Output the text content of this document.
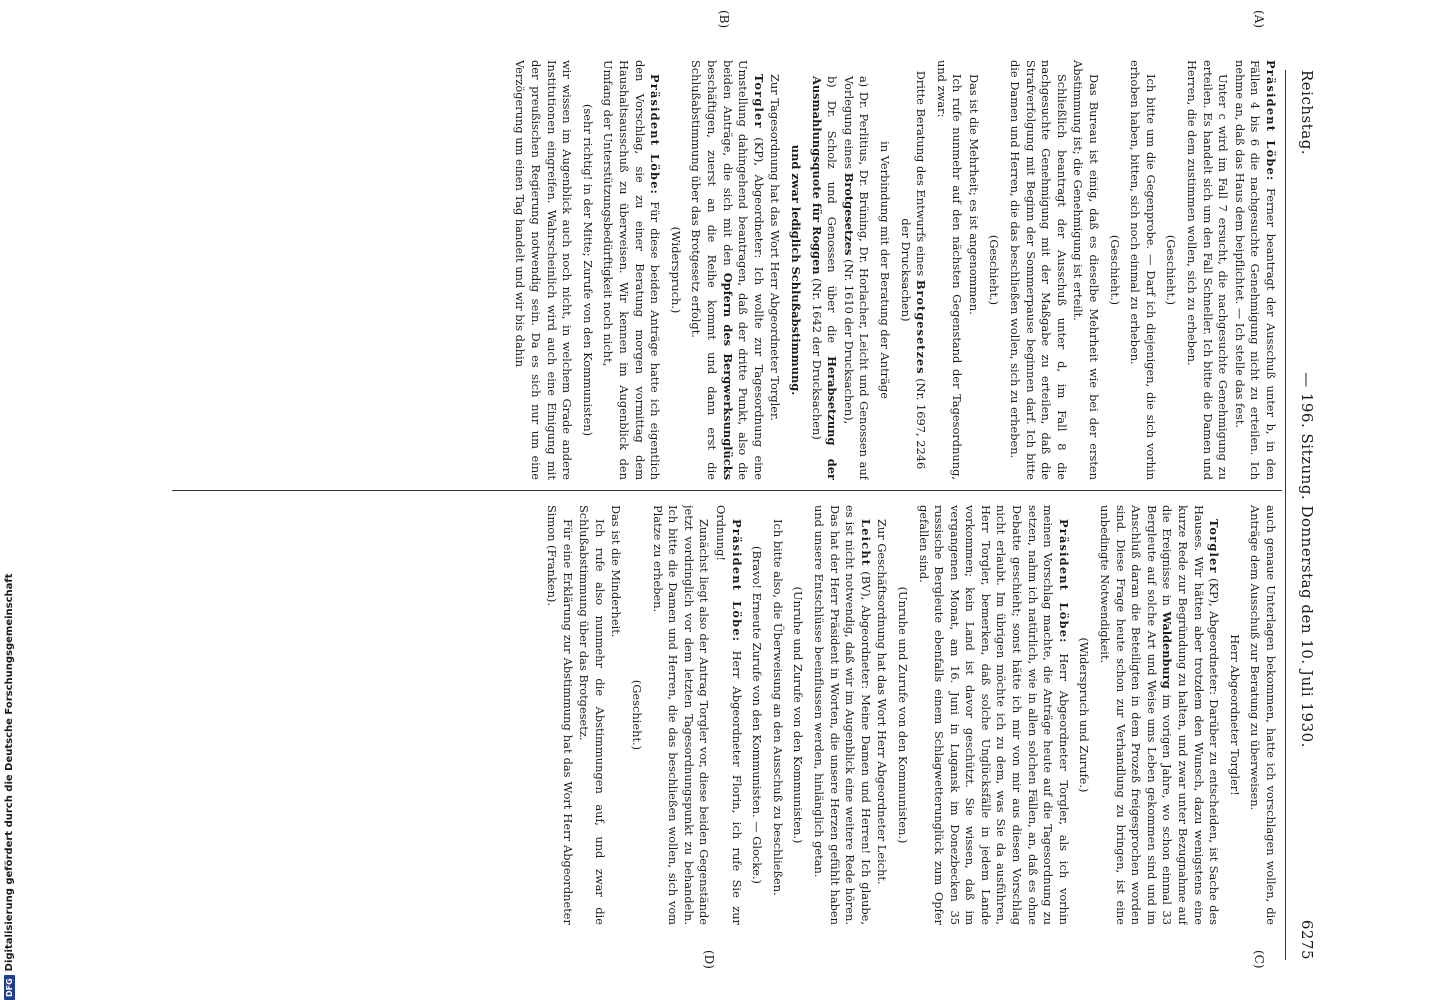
Reichstag.
— 196. Sitzung. Donnerstag den 10. Juli 1930.
6275
(A)
(B)
(C)
(D)

Präsident Löbe: Ferner beantragt der Ausschuß unter b, in den Fällen 4 bis 6 die nachgesuchte Genehmigung nicht zu erteilen. Ich nehme an, daß das Haus dem beipflichtet. — Ich stelle das fest.

Unter c wird im Fall 7 ersucht, die nachgesuchte Genehmigung zu erteilen. Es handelt sich um den Fall Schneller. Ich bitte die Damen und Herren, die dem zustimmen wollen, sich zu erheben.

(Geschieht.)

Ich bitte um die Gegenprobe. — Darf ich diejenigen, die sich vorhin erhoben haben, bitten, sich noch einmal zu erheben.

(Geschieht.)

Das Bureau ist einig, daß es dieselbe Mehrheit wie bei der ersten Abstimmung ist; die Genehmigung ist erteilt.

Schließlich beantragt der Ausschuß unter d, im Fall 8 die nachgesuchte Genehmigung mit der Maßgabe zu erteilen, daß die Strafverfolgung mit Beginn der Sommerpause beginnen darf. Ich bitte die Damen und Herren, die das beschließen wollen, sich zu erheben.

(Geschieht.)

Das ist die Mehrheit; es ist angenommen.

Ich rufe nunmehr auf den nächsten Gegenstand der Tagesordnung, und zwar:

Dritte Beratung des Entwurfs eines Brotgesetzes (Nr. 1697, 2246 der Drucksachen)

in Verbindung mit der Beratung der Anträge

a) Dr. Perlitius, Dr. Brüning, Dr. Horlacher, Leicht und Genossen auf Vorlegung eines Brotgesetzes (Nr. 1610 der Drucksachen),

b) Dr. Scholz und Genossen über die Herabsetzung der Ausmahlungsquote für Roggen (Nr. 1642 der Drucksachen)

und zwar lediglich Schlußabstimmung.

Zur Tagesordnung hat das Wort Herr Abgeordneter Torgler.

Torgler (KP), Abgeordneter: Ich wollte zur Tagesordnung eine Umstellung dahingehend beantragen, daß der dritte Punkt, also die beiden Anträge, die sich mit den Opfern des Bergwerksunglücks beschäftigen, zuerst an die Reihe kommt und dann erst die Schlußabstimmung über das Brotgesetz erfolgt.

(Widerspruch.)

Präsident Löbe: Für diese beiden Anträge hatte ich eigentlich den Vorschlag, sie zu einer Beratung morgen vormittag dem Haushaltsausschuß zu überweisen. Wir kennen im Augenblick den Umfang der Unterstützungsbedürftigkeit noch nicht,

(sehr richtig! in der Mitte; Zurufe von den Kommunisten)

wir wissen im Augenblick auch noch nicht, in welchem Grade andere Institutionen eingreifen. Wahrscheinlich wird auch eine Einigung mit der preußischen Regierung notwendig sein. Da es sich nur um eine Verzögerung um einen Tag handelt und wir bis dahin

auch genaue Unterlagen bekommen, hatte ich vorschlagen wollen, die Anträge dem Ausschuß zur Beratung zu überweisen.

Herr Abgeordneter Torgler!

Torgler (KP), Abgeordneter: Darüber zu entscheiden, ist Sache des Hauses. Wir hätten aber trotzdem den Wunsch, dazu wenigstens eine kurze Rede zur Begründung zu halten, und zwar unter Bezugnahme auf die Ereignisse in Waldenburg im vorigen Jahre, wo schon einmal 33 Bergleute auf solche Art und Weise ums Leben gekommen sind und im Anschluß daran die Beteiligten in dem Prozeß freigesprochen worden sind. Diese Frage heute schon zur Verhandlung zu bringen, ist eine unbedingte Notwendigkeit.

(Widerspruch und Zurufe.)

Präsident Löbe: Herr Abgeordneter Torgler, als ich vorhin meinen Vorschlag machte, die Anträge heute auf die Tagesordnung zu setzen, nahm ich natürlich, wie in allen solchen Fällen, an, daß es ohne Debatte geschieht; sonst hätte ich mir von mir aus diesen Vorschlag nicht erlaubt. Im übrigen möchte ich zu dem, was Sie da ausführen, Herr Torgler, bemerken, daß solche Unglücksfälle in jedem Lande vorkommen; kein Land ist davor geschützt. Sie wissen, daß im vergangenen Monat, am 16. Juni in Lugansk im Donezbecken 35 russische Bergleute ebenfalls einem Schlagwetterunglück zum Opfer gefallen sind.

(Unruhe und Zurufe von den Kommunisten.)

Zur Geschäftsordnung hat das Wort Herr Abgeordneter Leicht.

Leicht (BV), Abgeordneter: Meine Damen und Herren! Ich glaube, es ist nicht notwendig, daß wir im Augenblick eine weitere Rede hören. Das hat der Herr Präsident in Worten, die unsere Herzen gefühlt haben und unsere Entschlüsse beeinflussen werden, hinlänglich getan.

(Unruhe und Zurufe von den Kommunisten.)

Ich bitte also, die Überweisung an den Ausschuß zu beschließen.

(Bravo! Erneute Zurufe von den Kommunisten. — Glocke.)

Präsident Löbe: Herr Abgeordneter Florin, ich rufe Sie zur Ordnung!

Zunächst liegt also der Antrag Torgler vor, diese beiden Gegenstände jetzt vordringlich vor dem letzten Tagesordnungspunkt zu behandeln. Ich bitte die Damen und Herren, die das beschließen wollen, sich vom Platze zu erheben.

(Geschieht.)

Das ist die Minderheit.

Ich rufe also nunmehr die Abstimmungen auf, und zwar die Schlußabstimmung über das Brotgesetz.

Für eine Erklärung zur Abstimmung hat das Wort Herr Abgeordneter Simon (Franken).

DFGDigitalisierung gefördert durch die Deutsche Forschungsgemeinschaft
